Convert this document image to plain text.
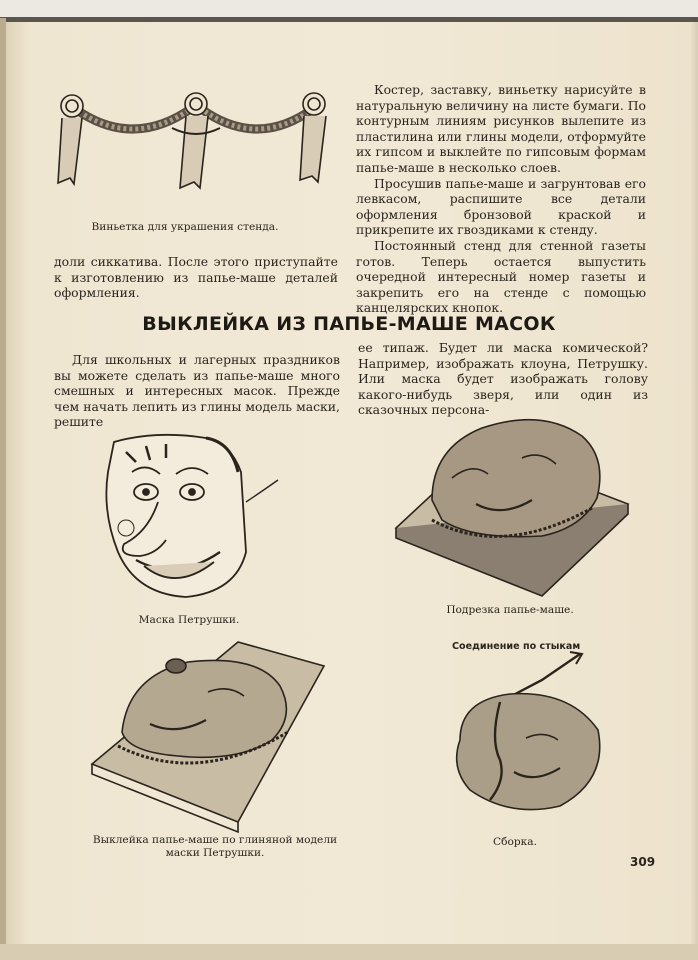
Виньетка для украшения стенда.

доли сиккатива. После этого приступайте к изготовлению из папье-маше деталей оформления.

Костер, заставку, виньетку нарисуйте в натуральную величину на листе бумаги. По контурным линиям рисунков вылепите из пластилина или глины модели, отформуйте их гипсом и выклейте по гипсовым формам папье-маше в несколько слоев.

Просушив папье-маше и загрунтовав его левкасом, распишите все детали оформления бронзовой краской и прикрепите их гвоздиками к стенду.

Постоянный стенд для стенной газеты готов. Теперь остается выпустить очередной интересный номер газеты и закрепить его на стенде с помощью канцелярских кнопок.

ВЫКЛЕЙКА ИЗ ПАПЬЕ-МАШЕ МАСОК

Для школьных и лагерных праздников вы можете сделать из папье-маше много смешных и интересных масок. Прежде чем начать лепить из глины модель маски, решите

ее типаж. Будет ли маска комической? Например, изображать клоуна, Петрушку. Или маска будет изображать голову какого-нибудь зверя, или один из сказочных персона-

Маска Петрушки.
Подрезка папье-маше.
Выклейка папье-маше по глиняной модели
маски Петрушки.
Соединение по стыкам
Сборка.
309
